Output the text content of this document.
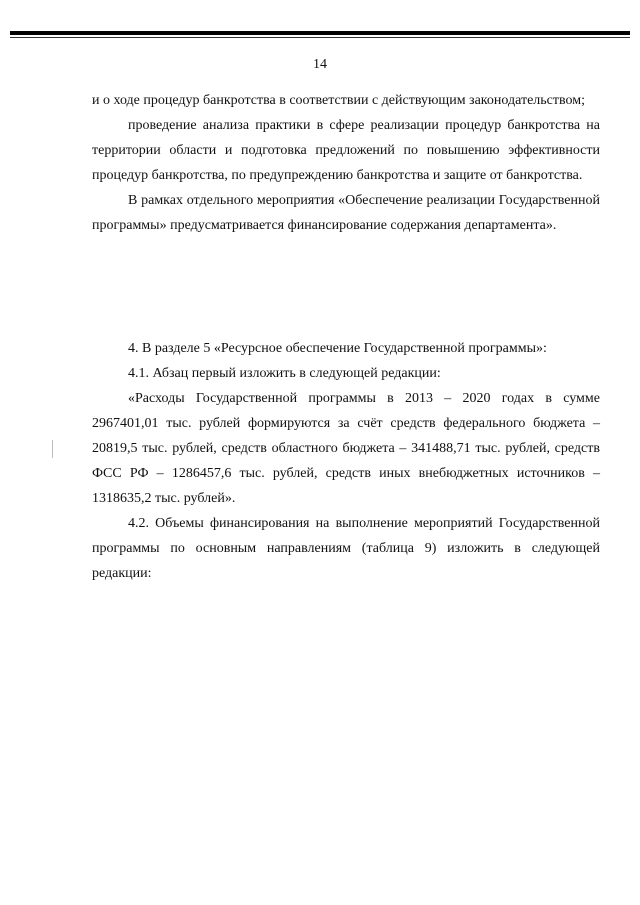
14

и о ходе процедур банкротства в соответствии с действующим законодательством;

проведение анализа практики в сфере реализации процедур банкротства на территории области и подготовка предложений по повышению эффективности процедур банкротства, по предупреждению банкротства и защите от банкротства.

В рамках отдельного мероприятия «Обеспечение реализации Государственной программы» предусматривается финансирование содержания департамента».

4. В разделе 5 «Ресурсное обеспечение Государственной программы»:

4.1. Абзац первый изложить в следующей редакции:

«Расходы Государственной программы в 2013 – 2020 годах в сумме 2967401,01 тыс. рублей формируются за счёт средств федерального бюджета – 20819,5 тыс. рублей, средств областного бюджета – 341488,71 тыс. рублей, средств ФСС РФ – 1286457,6 тыс. рублей, средств иных внебюджетных источников – 1318635,2 тыс. рублей».

4.2. Объемы финансирования на выполнение мероприятий Государственной программы по основным направлениям (таблица 9) изложить в следующей редакции:
